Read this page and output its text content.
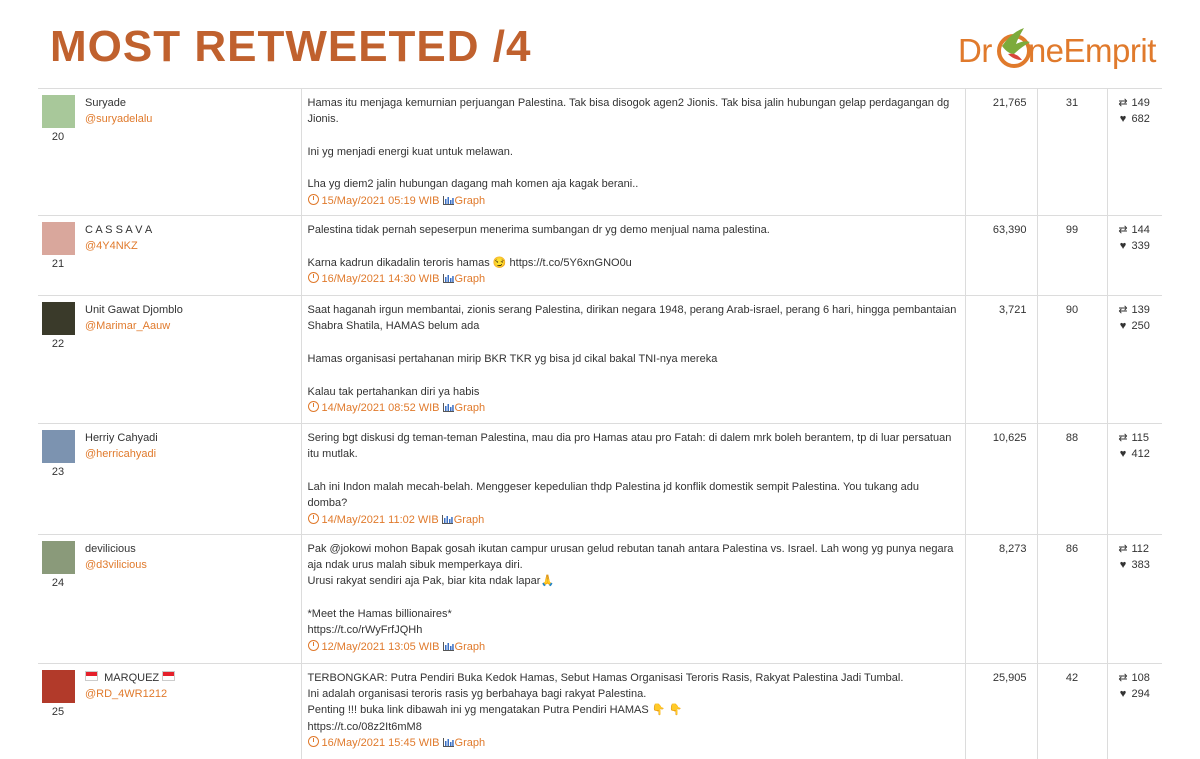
MOST RETWEETED /4	Dr neEmprit
20	Suryade
@suryadelalu	Hamas itu menjaga kemurnian perjuangan Palestina. Tak bisa disogok agen2 Jionis. Tak bisa jalin hubungan gelap perdagangan dg Jionis.

Ini yg menjadi energi kuat untuk melawan.

Lha yg diem2 jalin hubungan dagang mah komen aja kagak berani..
15/May/2021 05:19 WIB Graph	21,765	31	⇄ 149
♥ 682

21	C A S S A V A
@4Y4NKZ	Palestina tidak pernah sepeserpun menerima sumbangan dr yg demo menjual nama palestina.

Karna kadrun dikadalin teroris hamas 😏 https://t.co/5Y6xnGNO0u
16/May/2021 14:30 WIB Graph	63,390	99	⇄ 144
♥ 339

22	Unit Gawat Djomblo
@Marimar_Aauw	Saat haganah irgun membantai, zionis serang Palestina, dirikan negara 1948, perang Arab-israel, perang 6 hari, hingga pembantaian Shabra Shatila, HAMAS belum ada

Hamas organisasi pertahanan mirip BKR TKR yg bisa jd cikal bakal TNI-nya mereka

Kalau tak pertahankan diri ya habis
14/May/2021 08:52 WIB Graph	3,721	90	⇄ 139
♥ 250

23	Herriy Cahyadi
@herricahyadi	Sering bgt diskusi dg teman-teman Palestina, mau dia pro Hamas atau pro Fatah: di dalem mrk boleh berantem, tp di luar persatuan itu mutlak.

Lah ini Indon malah mecah-belah. Menggeser kepedulian thdp Palestina jd konflik domestik sempit Palestina. You tukang adu domba?
14/May/2021 11:02 WIB Graph	10,625	88	⇄ 115
♥ 412

24	devilicious
@d3vilicious	Pak @jokowi mohon Bapak gosah ikutan campur urusan gelud rebutan tanah antara Palestina vs. Israel. Lah wong yg punya negara aja ndak urus malah sibuk memperkaya diri.
Urusi rakyat sendiri aja Pak, biar kita ndak lapar🙏

*Meet the Hamas billionaires*
https://t.co/rWyFrfJQHh
12/May/2021 13:05 WIB Graph	8,273	86	⇄ 112
♥ 383

25	MARQUEZ
@RD_4WR1212	TERBONGKAR: Putra Pendiri Buka Kedok Hamas, Sebut Hamas Organisasi Teroris Rasis, Rakyat Palestina Jadi Tumbal.
Ini adalah organisasi teroris rasis yg berbahaya bagi rakyat Palestina.
Penting !!! buka link dibawah ini yg mengatakan Putra Pendiri HAMAS 👇 👇
https://t.co/08z2It6mM8
16/May/2021 15:45 WIB Graph	25,905	42	⇄ 108
♥ 294
